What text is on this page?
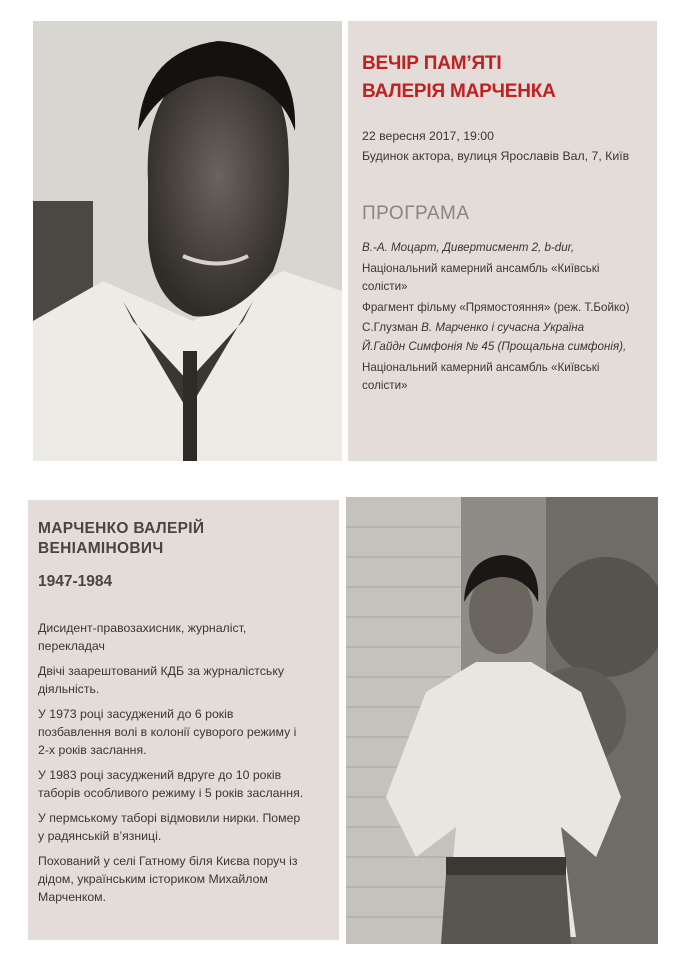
ВЕЧІР ПАМ’ЯТІ
ВАЛЕРІЯ МАРЧЕНКА
22 вересня 2017, 19:00
Будинок актора, вулиця Ярославів Вал, 7, Київ
ПРОГРАМА
В.-А. Моцарт, Дивертисмент 2, b-dur,
Національний камерний ансамбль «Київські
солісти»
Фрагмент фільму «Прямостояння» (реж. Т.Бойко)
С.Глузман В. Марченко і сучасна Україна
Й.Гайдн Симфонія № 45 (Прощальна симфонія),
Національний камерний ансамбль «Київські
солісти»
МАРЧЕНКО ВАЛЕРІЙ
ВЕНІАМІНОВИЧ
1947-1984
Дисидент-правозахисник, журналіст,
перекладач
Двічі заарештований КДБ за журналістську
діяльність.
У 1973 році засуджений до 6 років
позбавлення волі в колонії суворого режиму і
2-х років заслання.
У 1983 році засуджений вдруге до 10 років
таборів особливого режиму і 5 років заслання.
У пермському таборі відмовили нирки. Помер
у радянській в’язниці.
Похований у селі Гатному біля Києва поруч із
дідом, українським істориком Михайлом
Марченком.
